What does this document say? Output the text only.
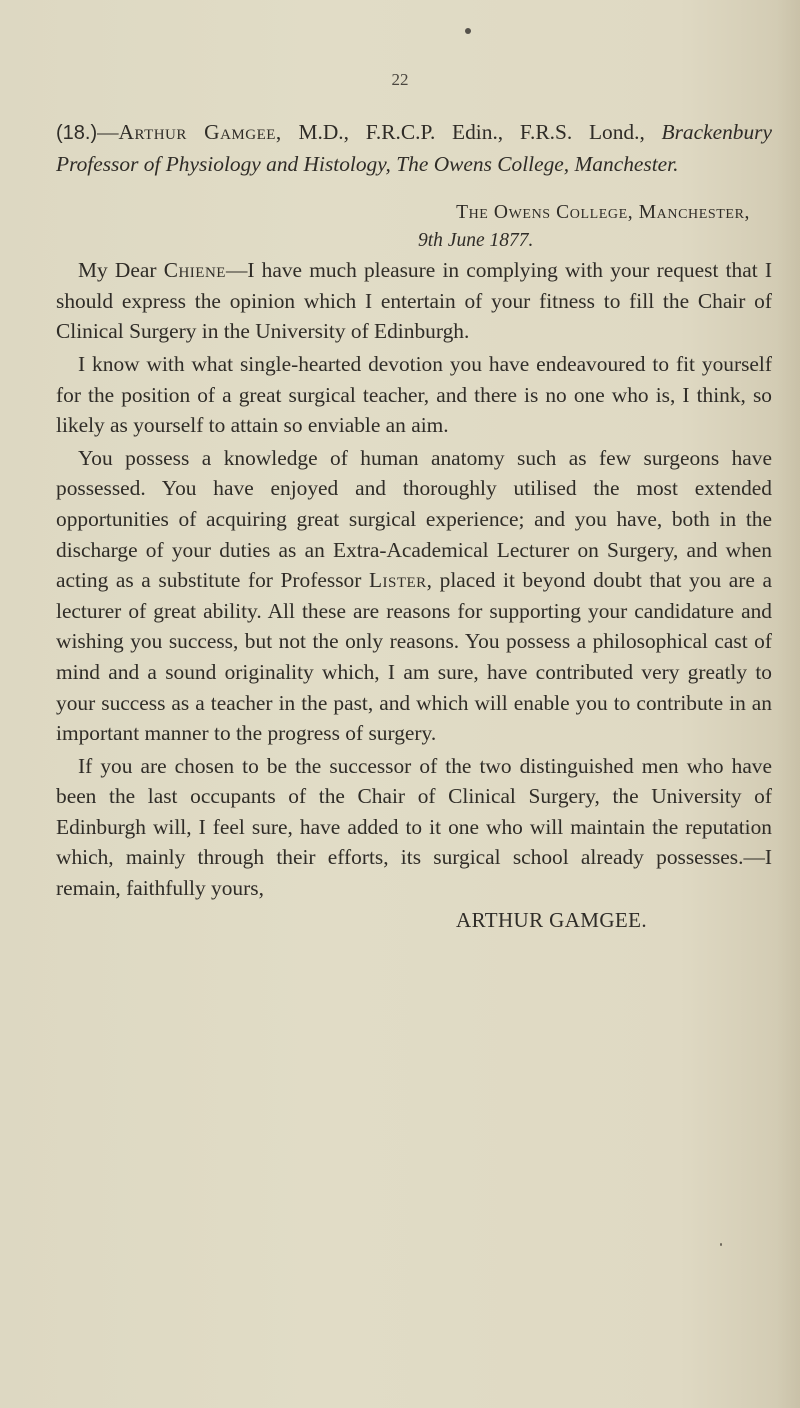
22

(18.)—Arthur Gamgee, M.D., F.R.C.P. Edin., F.R.S. Lond., Brackenbury Professor of Physiology and Histology, The Owens College, Manchester.

The Owens College, Manchester,

9th June 1877.

My Dear Chiene—I have much pleasure in complying with your request that I should express the opinion which I entertain of your fitness to fill the Chair of Clinical Surgery in the University of Edinburgh.

I know with what single-hearted devotion you have endeavoured to fit yourself for the position of a great surgical teacher, and there is no one who is, I think, so likely as yourself to attain so enviable an aim.

You possess a knowledge of human anatomy such as few surgeons have possessed. You have enjoyed and thoroughly utilised the most extended opportunities of acquiring great surgical experience; and you have, both in the discharge of your duties as an Extra-Academical Lecturer on Surgery, and when acting as a substitute for Professor Lister, placed it beyond doubt that you are a lecturer of great ability. All these are reasons for supporting your candidature and wishing you success, but not the only reasons. You possess a philosophical cast of mind and a sound originality which, I am sure, have contributed very greatly to your success as a teacher in the past, and which will enable you to contribute in an important manner to the progress of surgery.

If you are chosen to be the successor of the two distinguished men who have been the last occupants of the Chair of Clinical Surgery, the University of Edinburgh will, I feel sure, have added to it one who will maintain the reputation which, mainly through their efforts, its surgical school already possesses.—I remain, faithfully yours,

ARTHUR GAMGEE.
